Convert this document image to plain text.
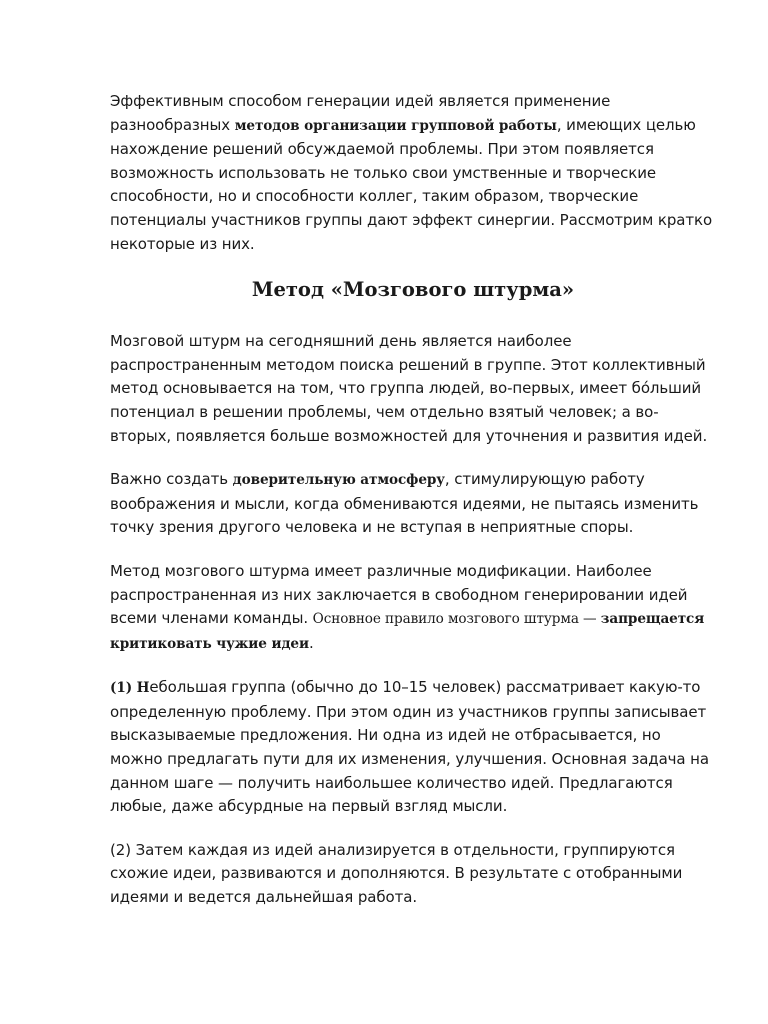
Эффективным способом генерации идей является применение разнообразных методов организации групповой работы, имеющих целью нахождение решений обсуждаемой проблемы. При этом появляется возможность использовать не только свои умственные и творческие способности, но и способности коллег, таким образом, творческие потенциалы участников группы дают эффект синергии. Рассмотрим кратко некоторые из них.

Метод «Мозгового штурма»

Мозговой штурм на сегодняшний день является наиболее распространенным методом поиска решений в группе. Этот коллективный метод основывается на том, что группа людей, во-первых, имеет бóльший потенциал в решении проблемы, чем отдельно взятый человек; а во-вторых, появляется больше возможностей для уточнения и развития идей.

Важно создать доверительную атмосферу, стимулирующую работу воображения и мысли, когда обмениваются идеями, не пытаясь изменить точку зрения другого человека и не вступая в неприятные споры.

Метод мозгового штурма имеет различные модификации. Наиболее распространенная из них заключается в свободном генерировании идей всеми членами команды. Основное правило мозгового штурма — запрещается критиковать чужие идеи.

(1) Небольшая группа (обычно до 10–15 человек) рассматривает какую-то определенную проблему. При этом один из участников группы записывает высказываемые предложения. Ни одна из идей не отбрасывается, но можно предлагать пути для их изменения, улучшения. Основная задача на данном шаге — получить наибольшее количество идей. Предлагаются любые, даже абсурдные на первый взгляд мысли.

(2) Затем каждая из идей анализируется в отдельности, группируются схожие идеи, развиваются и дополняются. В результате с отобранными идеями и ведется дальнейшая работа.
